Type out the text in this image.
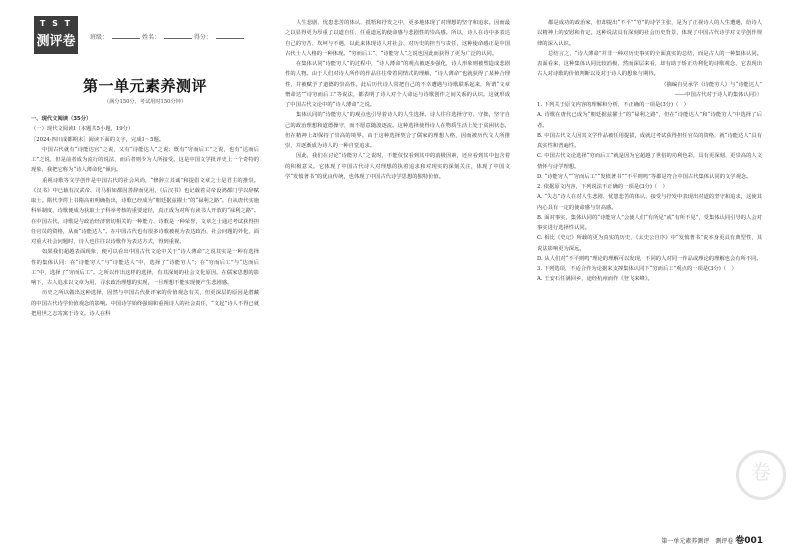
T S T
测评卷	班级：	姓名：	得分：
第一单元素养测评
（满分150分，考试用时150分钟）

一、现代文阅读（35分）

（一）现代文阅读Ⅰ（本题共5小题，19分）

［2024·四川成都期末］阅读下面的文字，完成1～5题。

中国古代就有“诗能达官”之说，又有“诗能达人”之说；既有“穷而后工”之说，也有“达而后工”之说，但是前者成为流行的说法，而后者则少为人所接受。这是中国文学批评史上一个奇特的现象，我把它称为“诗人薄命化”倾向。

重视诗歌等文学创作是中国古代的社会风尚，“修辞立其诚”和提倡文章之士是君主的推崇。《汉书》中已载有汉武帝、司马相如都因善辞而见用，《后汉书》也记载着灵帝设鸿都门学以辞赋取士。隋代李谔上书隋高祖明确指出，诗歌已经成为“朝廷据兹擢士”的“禄利之路”。自从唐代实施科举制度，诗歌便成为获取士子科举考核的重要途径，真正成为对所有读书人开放的“禄利之路”。在中国古代，诗歌是与政治经济密切相关的一种能力、诗歌是一种荣誉，文章之士通过考试获得担任官员的资格，从而“诗能达人”。在中国古代也有很多诗歌被视为表达政治、社会问题的外化，面对重大社会问题时，诗人也往往以诗歌作为表达方式，得到重视。

如果我们超越表面现象，便可以看出中国古代文论中关于“诗人薄命”之说其实是一种有选择性的集体认同：在“诗能穷人”与“诗能达人”中，选择了“诗能穷人”；在“穷而后工”与“达而后工”中，选择了“穷而后工”。之所以作出这样的选择，有其深刻的社会文化原因。在儒家思想的影响下，古人追求以文章为用，寻求政治理想的实现，一旦理想不能实现便产生悲剧感。

历史之所以做出这种选择，固然与中国古代批评家的价值观念有关，但更深层的原因是潜藏的中国古代诗学价值观念的影响。中国诗学始终强调和重视诗人的社会责任，“文起”诗人不得已就把用世之志寄寓于诗文。诗人在科

人生悲剧、忧患悲苦的体认、抵牾和抒发之中，更多地体现了对理想的坚守和追求。因而最之以显得更为厚重了以道自任、任重道远的使命感与悲剧性的崇高感。所以，诗人在诗中多表达自己的穷苦、坎坷与不遇，以此来体现诗人对社会、对历史的担当与责任，这种使命感正是中国古代士人人格的一种体现。“穷而后工”、“诗能穷人”之说也因此而获得了更为广泛的认同。

在集体认同“诗能穷人”的过程中，“诗人薄命”的观点被逐步强化，诗人形象则被塑造成悲剧性的人物。由于人们对诗人所作的作品往往带着同情式的理解，“诗人薄命”也就获得了某种合理性，并被赋予了道德的崇高性。此后历代诗人常把自己的不幸遭遇与诗歌联系起来，所谓“文章憎命达”“诗穷而后工”等说法，都表明了诗人对个人命运与诗歌创作之间关系的认识。这就形成了中国古代文论中的“诗人薄命”之说。

集体认同的“诗能穷人”的观点也引导着诗人的人生选择。诗人往往选择守穷、守拙，坚守自己的政治理想和道德操守，而不愿意随波逐流。这种选择使得诗人在物质生活上处于贫困状态，但在精神上却保持了崇高的境界。由于这种选择契合了儒家的理想人格，因而被历代文人所推崇，并逐渐成为诗人的一种自觉追求。

因此，我们在讨论“诗能穷人”之说时，不能仅仅看到其中的消极因素，还应看到其中包含着的积极意义。它体现了中国古代诗人对理想的执着追求和对现实的深刻关注，体现了中国文学“发愤著书”的优良传统，也体现了中国古代诗学思想的独特价值。

都是成功的政治家，但却提出“不平”“穷”的诗学主张，是为了正视诗人的人生遭遇，给诗人以精神上的安慰和肯定。这种说法具有深刻的社会历史背景，体现了中国古代诗学对文学创作规律的深入认识。

总结言之，“诗人薄命”并非一种对历史事实的全面真实的总结，而是古人的一种集体认同。表面看来，这种集体认同比较消极，然而深层来看，却有助于矫正功利化的诗歌观念，它表现出古人对诗歌的价值判断以及对于诗人的想象与期待。

（摘编自吴承学《诗能穷人》与“诗能达人”

——中国古代对于诗人的集体认同》）

1. 下列关于原文内容的理解和分析，不正确的一项是(3分)（　）

A. 诗歌在唐代已成为“朝廷据兹擢士”的“禄利之路”，但在“诗能达人”和“诗能穷人”中选择了后者。

B. 中国古代文人因其文学作品被任用提拔，成就过考试获得担任官员的资格，就“诗能达人”具有真实性和普遍性。

C. 中国古代文论选择“穷而后工”就是因为它超越了世俗的功利色彩，具有更深刻、更崇高的人文情怀与诗学理想。

D. “诗能穷人”“穷而后工”“发愤著书”“不平则鸣”等都是符合中国古代集体认同的文学观念。

2. 依据原文内容，下列说法不正确的一项是(3分)（　）

A. “失志”诗人在对人生悲剧、忧患悲苦的体认、接受与抒发中表现出对道的坚守和追求，这使其内心具有一定的使命感与崇高感。

B. 面对事实，集体认同的“诗能穷人”会使人们“有所见”或“有所不见”，受集体认同引导的人会对事实进行选择性认同。

C. 相比《史记》所载的更为真实的历史，《太史公自序》中“发愤著书”说本身更具有典型性，其说法影响更为深远。

D. 从人们对“不平则鸣”理论的理解可以发现，不同的人对同一作品或理论的理解也会有所不同。

3. 下列选项，不适合作为论据来支撑集体认同下“穷而后工”观点的一项是(3分)（　）

A. 王安石任满回乡，途经杭州而作《登飞来峰》。

卷
第一单元素养测评　测评卷 卷001
